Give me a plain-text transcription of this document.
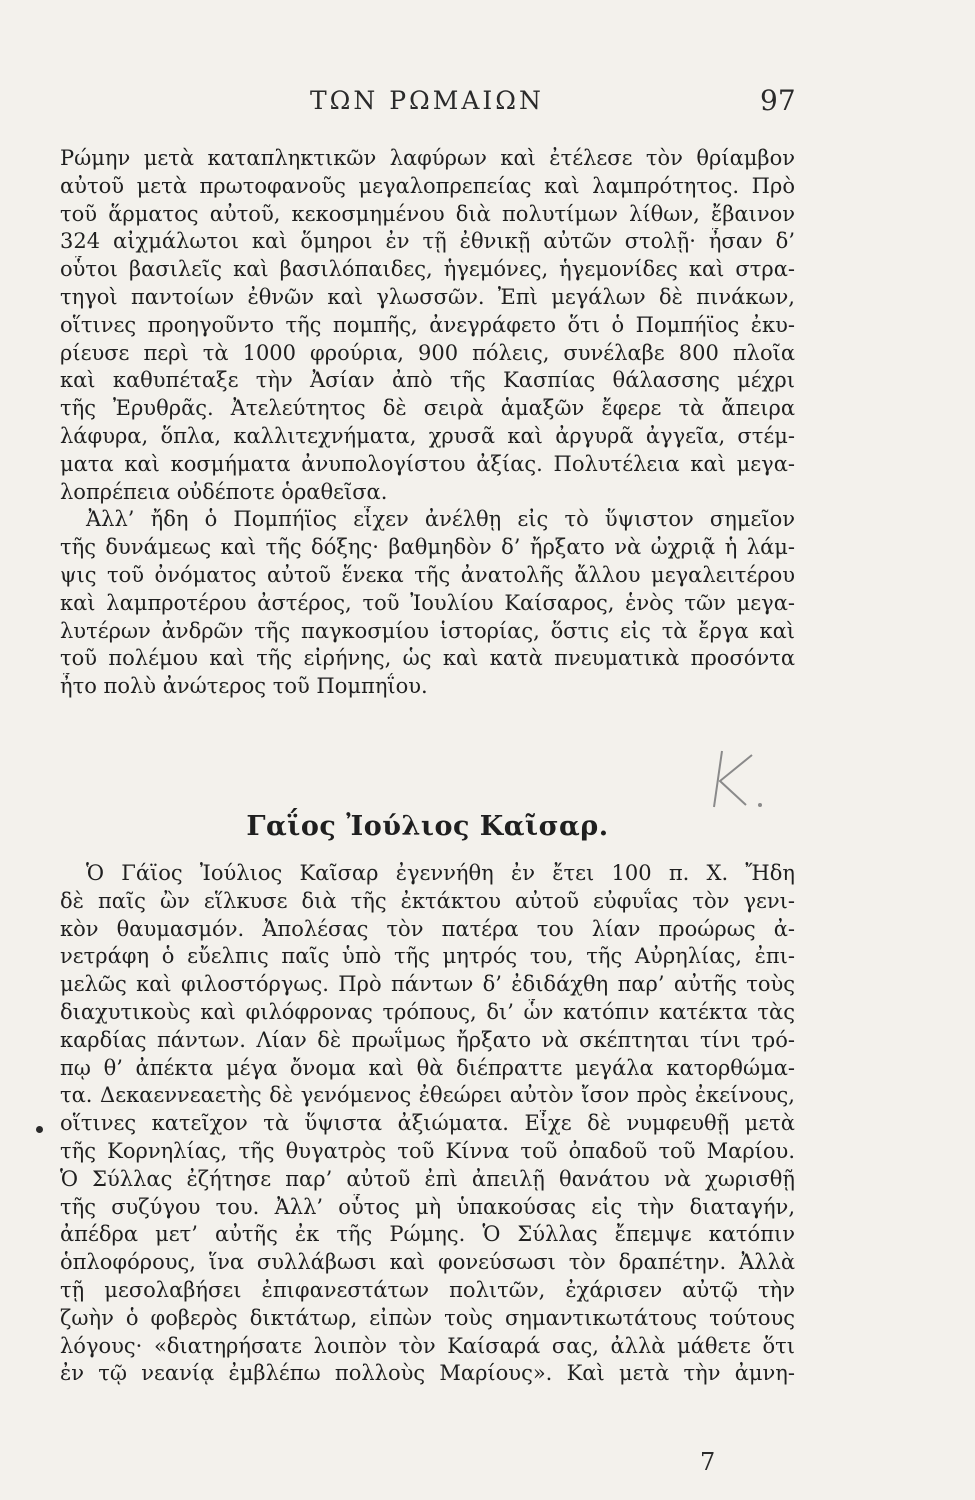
ΤΩΝ ΡΩΜΑΙΩΝ	97
Ρώμην μετὰ καταπληκτικῶν λαφύρων καὶ ἐτέλεσε τὸν θρίαμβον
αὐτοῦ μετὰ πρωτοφανοῦς μεγαλοπρεπείας καὶ λαμπρότητος. Πρὸ
τοῦ ἅρματος αὐτοῦ, κεκοσμημένου διὰ πολυτίμων λίθων, ἔβαινον
324 αἰχμάλωτοι καὶ ὅμηροι ἐν τῇ ἐθνικῇ αὐτῶν στολῇ· ἦσαν δ’
οὗτοι βασιλεῖς καὶ βασιλόπαιδες, ἡγεμόνες, ἡγεμονίδες καὶ στρα-
τηγοὶ παντοίων ἐθνῶν καὶ γλωσσῶν. Ἐπὶ μεγάλων δὲ πινάκων,
οἵτινες προηγοῦντο τῆς πομπῆς, ἀνεγράφετο ὅτι ὁ Πομπήϊος ἐκυ-
ρίευσε περὶ τὰ 1000 φρούρια, 900 πόλεις, συνέλαβε 800 πλοῖα
καὶ καθυπέταξε τὴν Ἀσίαν ἀπὸ τῆς Κασπίας θάλασσης μέχρι
τῆς Ἐρυθρᾶς. Ἀτελεύτητος δὲ σειρὰ ἁμαξῶν ἔφερε τὰ ἄπειρα
λάφυρα, ὅπλα, καλλιτεχνήματα, χρυσᾶ καὶ ἀργυρᾶ ἀγγεῖα, στέμ-
ματα καὶ κοσμήματα ἀνυπολογίστου ἀξίας. Πολυτέλεια καὶ μεγα-
λοπρέπεια οὐδέποτε ὁραθεῖσα.
Ἀλλ’ ἤδη ὁ Πομπήϊος εἶχεν ἀνέλθῃ εἰς τὸ ὕψιστον σημεῖον
τῆς δυνάμεως καὶ τῆς δόξης· βαθμηδὸν δ’ ἤρξατο νὰ ὠχριᾷ ἡ λάμ-
ψις τοῦ ὀνόματος αὐτοῦ ἕνεκα τῆς ἀνατολῆς ἄλλου μεγαλειτέρου
καὶ λαμπροτέρου ἀστέρος, τοῦ Ἰουλίου Καίσαρος, ἑνὸς τῶν μεγα-
λυτέρων ἀνδρῶν τῆς παγκοσμίου ἱστορίας, ὅστις εἰς τὰ ἔργα καὶ
τοῦ πολέμου καὶ τῆς εἰρήνης, ὡς καὶ κατὰ πνευματικὰ προσόντα
ἦτο πολὺ ἀνώτερος τοῦ Πομπηΐου.
Γαΐος Ἰούλιος Καῖσαρ.
Ὁ Γάϊος Ἰούλιος Καῖσαρ ἐγεννήθη ἐν ἔτει 100 π. Χ. Ἤδη
δὲ παῖς ὢν εἵλκυσε διὰ τῆς ἐκτάκτου αὐτοῦ εὐφυΐας τὸν γενι-
κὸν θαυμασμόν. Ἀπολέσας τὸν πατέρα του λίαν προώρως ἀ-
νετράφη ὁ εὔελπις παῖς ὑπὸ τῆς μητρός του, τῆς Αὐρηλίας, ἐπι-
μελῶς καὶ φιλοστόργως. Πρὸ πάντων δ’ ἐδιδάχθη παρ’ αὐτῆς τοὺς
διαχυτικοὺς καὶ φιλόφρονας τρόπους, δι’ ὧν κατόπιν κατέκτα τὰς
καρδίας πάντων. Λίαν δὲ πρωΐμως ἤρξατο νὰ σκέπτηται τίνι τρό-
πῳ θ’ ἀπέκτα μέγα ὄνομα καὶ θὰ διέπραττε μεγάλα κατορθώμα-
τα. Δεκαεννεαετὴς δὲ γενόμενος ἐθεώρει αὐτὸν ἴσον πρὸς ἐκείνους,
οἵτινες κατεῖχον τὰ ὕψιστα ἀξιώματα. Εἶχε δὲ νυμφευθῇ μετὰ
τῆς Κορνηλίας, τῆς θυγατρὸς τοῦ Κίννα τοῦ ὀπαδοῦ τοῦ Μαρίου.
Ὁ Σύλλας ἐζήτησε παρ’ αὐτοῦ ἐπὶ ἀπειλῇ θανάτου νὰ χωρισθῇ
τῆς συζύγου του. Ἀλλ’ οὗτος μὴ ὑπακούσας εἰς τὴν διαταγήν,
ἀπέδρα μετ’ αὐτῆς ἐκ τῆς Ρώμης. Ὁ Σύλλας ἔπεμψε κατόπιν
ὁπλοφόρους, ἵνα συλλάβωσι καὶ φονεύσωσι τὸν δραπέτην. Ἀλλὰ
τῇ μεσολαβήσει ἐπιφανεστάτων πολιτῶν, ἐχάρισεν αὐτῷ τὴν
ζωὴν ὁ φοβερὸς δικτάτωρ, εἰπὼν τοὺς σημαντικωτάτους τούτους
λόγους· «διατηρήσατε λοιπὸν τὸν Καίσαρά σας, ἀλλὰ μάθετε ὅτι
ἐν τῷ νεανίᾳ ἐμβλέπω πολλοὺς Μαρίους». Καὶ μετὰ τὴν ἀμνη-
7
